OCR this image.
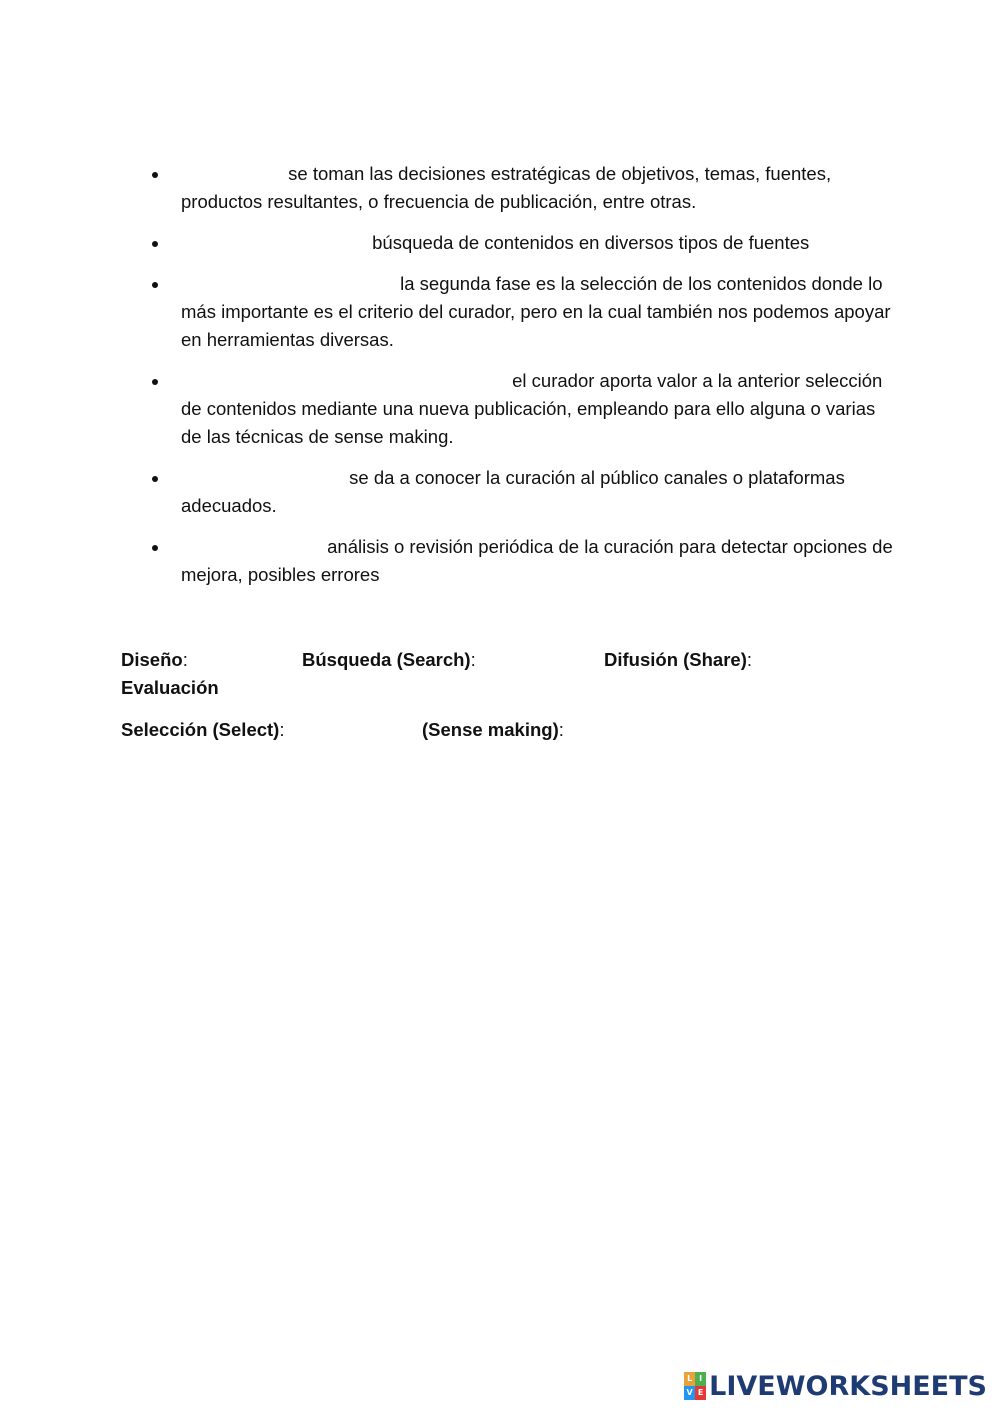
se toman las decisiones estratégicas de objetivos, temas, fuentes, productos resultantes, o frecuencia de publicación, entre otras.
búsqueda de contenidos en diversos tipos de fuentes
la segunda fase es la selección de los contenidos donde lo más importante es el criterio del curador, pero en la cual también nos podemos apoyar en herramientas diversas.
el curador aporta valor a la anterior selección de contenidos mediante una nueva publicación, empleando para ello alguna o varias de las técnicas de sense making.
se da a conocer la curación al público canales o plataformas adecuados.
análisis o revisión periódica de la curación para detectar opciones de mejora, posibles errores
Diseño:	Búsqueda (Search):	Difusión (Share):
Evaluación
Selección (Select):	(Sense making):
L I
V E LIVEWORKSHEETS
